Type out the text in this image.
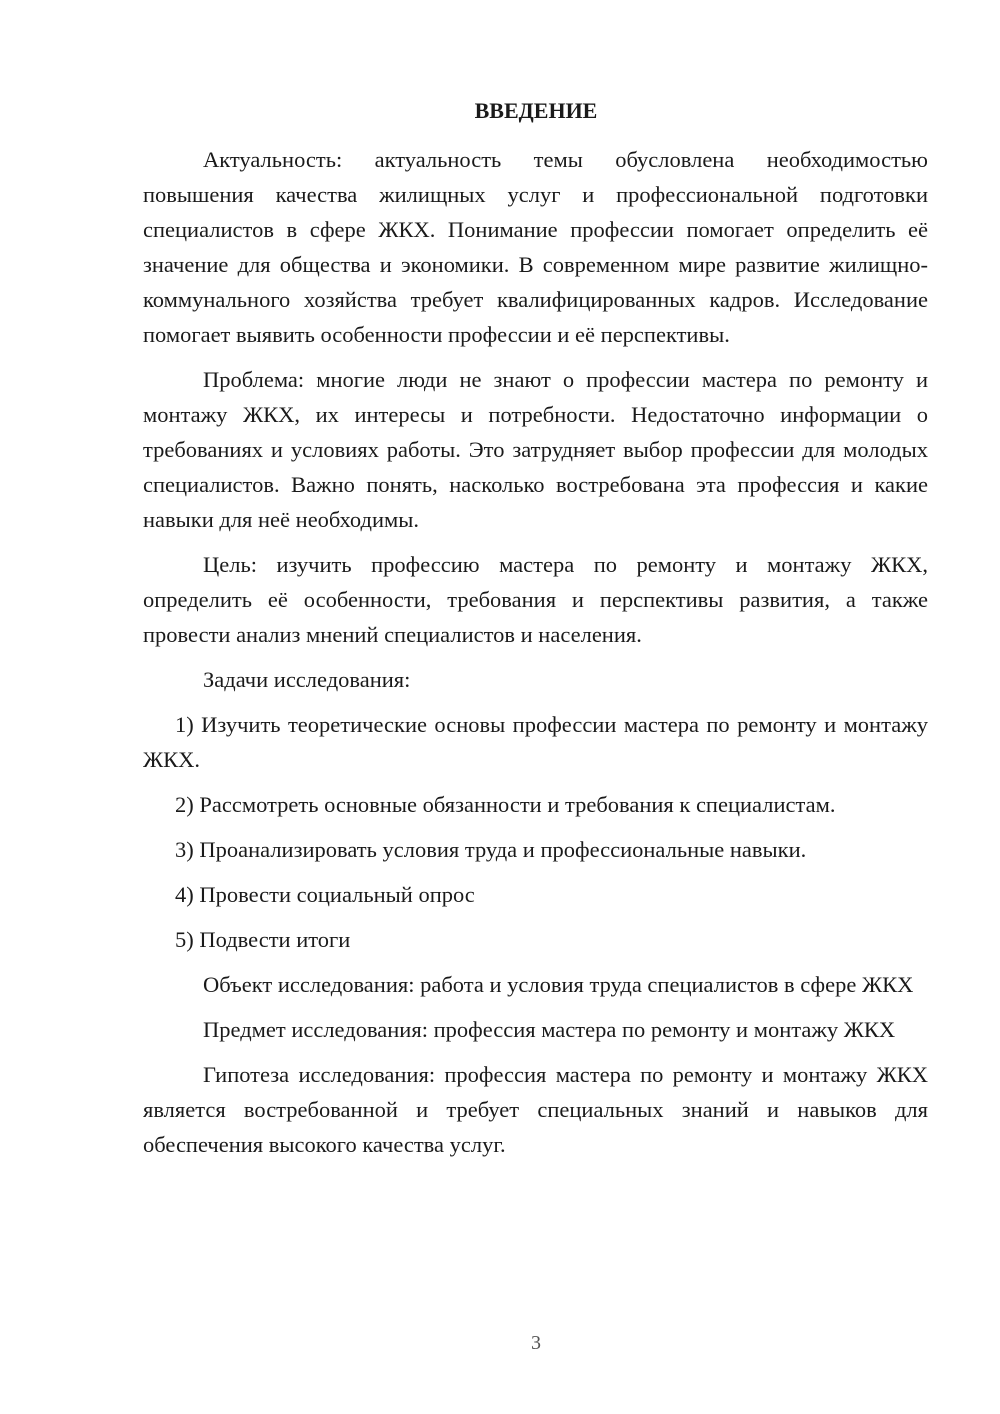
ВВЕДЕНИЕ

Актуальность: актуальность темы обусловлена необходимостью повышения качества жилищных услуг и профессиональной подготовки специалистов в сфере ЖКХ. Понимание профессии помогает определить её значение для общества и экономики. В современном мире развитие жилищно-коммунального хозяйства требует квалифицированных кадров. Исследование помогает выявить особенности профессии и её перспективы.

Проблема: многие люди не знают о профессии мастера по ремонту и монтажу ЖКХ, их интересы и потребности. Недостаточно информации о требованиях и условиях работы. Это затрудняет выбор профессии для молодых специалистов. Важно понять, насколько востребована эта профессия и какие навыки для неё необходимы.

Цель: изучить профессию мастера по ремонту и монтажу ЖКХ, определить её особенности, требования и перспективы развития, а также провести анализ мнений специалистов и населения.

Задачи исследования:

1) Изучить теоретические основы профессии мастера по ремонту и монтажу ЖКХ.

2) Рассмотреть основные обязанности и требования к специалистам.

3) Проанализировать условия труда и профессиональные навыки.

4) Провести социальный опрос

5) Подвести итоги

Объект исследования: работа и условия труда специалистов в сфере ЖКХ

Предмет исследования: профессия мастера по ремонту и монтажу ЖКХ

Гипотеза исследования: профессия мастера по ремонту и монтажу ЖКХ является востребованной и требует специальных знаний и навыков для обеспечения высокого качества услуг.

3
